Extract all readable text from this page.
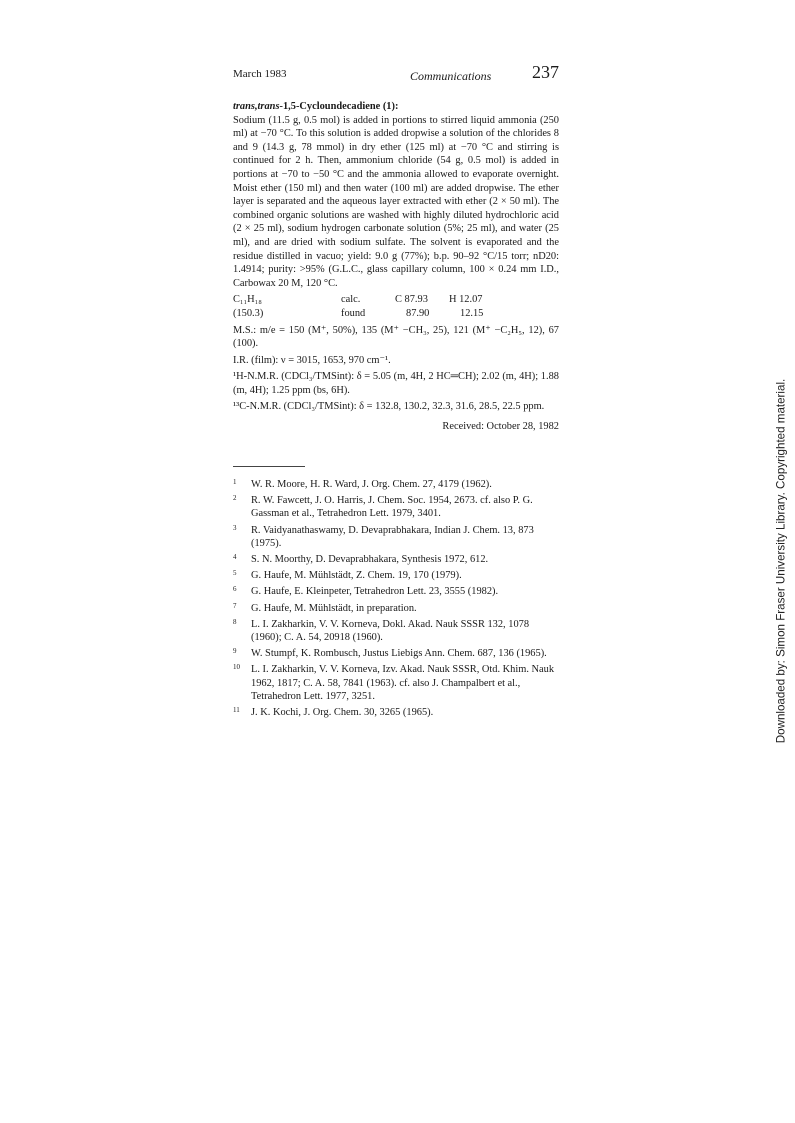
March 1983	Communications 237
trans,trans-1,5-Cycloundecadiene (1):
Sodium (11.5 g, 0.5 mol) is added in portions to stirred liquid ammonia (250 ml) at −70 °C. To this solution is added dropwise a solution of the chlorides 8 and 9 (14.3 g, 78 mmol) in dry ether (125 ml) at −70 °C and stirring is continued for 2 h. Then, ammonium chloride (54 g, 0.5 mol) is added in portions at −70 to −50 °C and the ammonia allowed to evaporate overnight. Moist ether (150 ml) and then water (100 ml) are added dropwise. The ether layer is separated and the aqueous layer extracted with ether (2 × 50 ml). The combined organic solutions are washed with highly diluted hydrochloric acid (2 × 25 ml), sodium hydrogen carbonate solution (5%; 25 ml), and water (25 ml), and are dried with sodium sulfate. The solvent is evaporated and the residue distilled in vacuo; yield: 9.0 g (77%); b.p. 90–92 °C/15 torr; nD20: 1.4914; purity: >95% (G.L.C., glass capillary column, 100 × 0.24 mm I.D., Carbowax 20 M, 120 °C.
C₁₁H₁₈	calc.	C 87.93	H 12.07
(150.3)	found	87.90	12.15
M.S.: m/e = 150 (M⁺, 50%), 135 (M⁺ −CH₃, 25), 121 (M⁺ −C₂H₅, 12), 67 (100).
I.R. (film): ν = 3015, 1653, 970 cm⁻¹.
¹H-N.M.R. (CDCl₃/TMSint): δ = 5.05 (m, 4H, 2 HC═CH); 2.02 (m, 4H); 1.88 (m, 4H); 1.25 ppm (bs, 6H).
¹³C-N.M.R. (CDCl₃/TMSint): δ = 132.8, 130.2, 32.3, 31.6, 28.5, 22.5 ppm.
Received: October 28, 1982
1 W. R. Moore, H. R. Ward, J. Org. Chem. 27, 4179 (1962).
2 R. W. Fawcett, J. O. Harris, J. Chem. Soc. 1954, 2673. cf. also P. G. Gassman et al., Tetrahedron Lett. 1979, 3401.
3 R. Vaidyanathaswamy, D. Devaprabhakara, Indian J. Chem. 13, 873 (1975).
4 S. N. Moorthy, D. Devaprabhakara, Synthesis 1972, 612.
5 G. Haufe, M. Mühlstädt, Z. Chem. 19, 170 (1979).
6 G. Haufe, E. Kleinpeter, Tetrahedron Lett. 23, 3555 (1982).
7 G. Haufe, M. Mühlstädt, in preparation.
8 L. I. Zakharkin, V. V. Korneva, Dokl. Akad. Nauk SSSR 132, 1078 (1960); C. A. 54, 20918 (1960).
9 W. Stumpf, K. Rombusch, Justus Liebigs Ann. Chem. 687, 136 (1965).
10 L. I. Zakharkin, V. V. Korneva, Izv. Akad. Nauk SSSR, Otd. Khim. Nauk 1962, 1817; C. A. 58, 7841 (1963). cf. also J. Champalbert et al., Tetrahedron Lett. 1977, 3251.
11 J. K. Kochi, J. Org. Chem. 30, 3265 (1965).	Downloaded by: Simon Fraser University Library. Copyrighted material.
